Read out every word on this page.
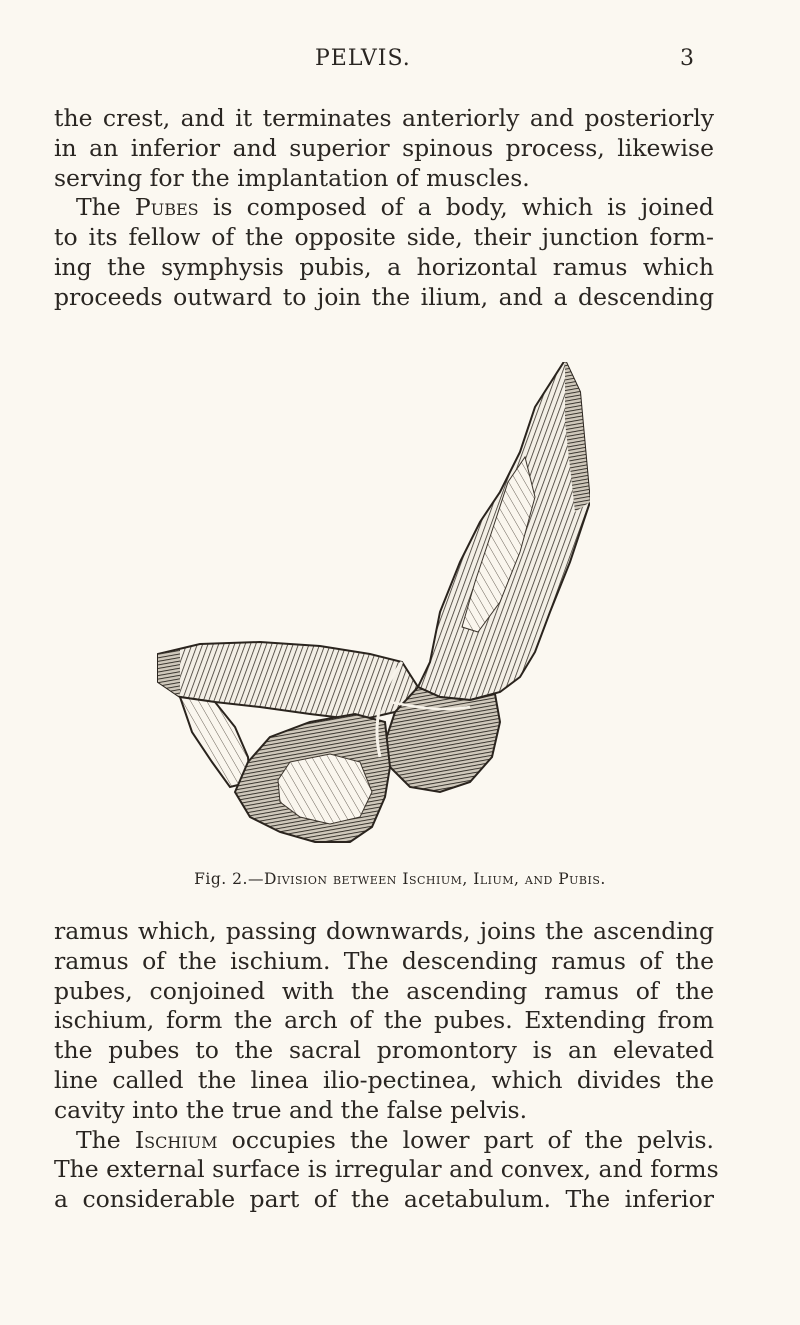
PELVIS.	3

the crest, and it terminates anteriorly and posteriorly
in an inferior and superior spinous process, likewise
serving for the implantation of muscles.

The Pubes is composed of a body, which is joined
to its fellow of the opposite side, their junction form-
ing the symphysis pubis, a horizontal ramus which
proceeds outward to join the ilium, and a descending

Fig. 2.—Division between Ischium, Ilium, and Pubis.

ramus which, passing downwards, joins the ascending
ramus of the ischium. The descending ramus of the
pubes, conjoined with the ascending ramus of the
ischium, form the arch of the pubes. Extending from
the pubes to the sacral promontory is an elevated
line called the linea ilio-pectinea, which divides the
cavity into the true and the false pelvis.

The Ischium occupies the lower part of the pelvis.
The external surface is irregular and convex, and forms
a considerable part of the acetabulum. The inferior
